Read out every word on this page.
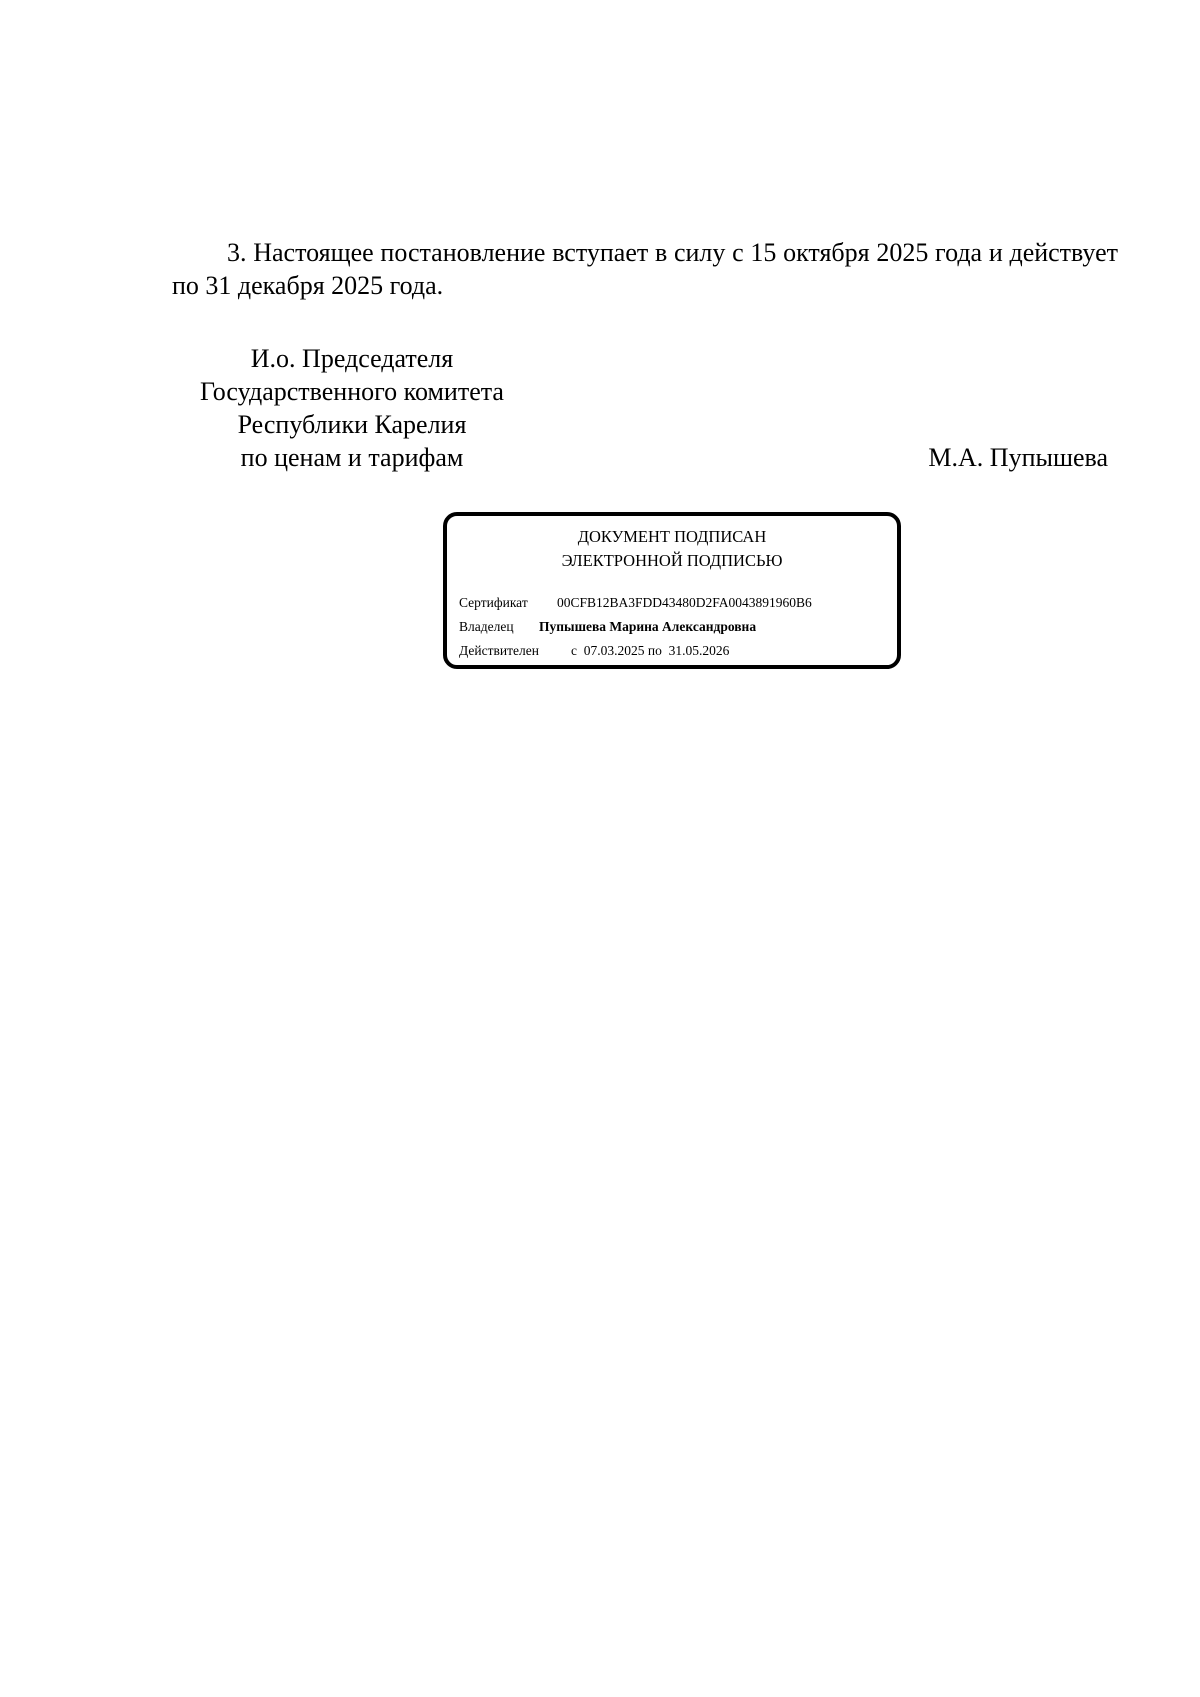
3. Настоящее постановление вступает в силу с 15 октября 2025 года и действует по 31 декабря 2025 года.

И.о. Председателя
Государственного комитета
Республики Карелия
по ценам и тарифам	М.А. Пупышева
ДОКУМЕНТ ПОДПИСАН
ЭЛЕКТРОННОЙ ПОДПИСЬЮ
Сертификат 00CFB12BA3FDD43480D2FA0043891960B6
Владелец Пупышева Марина Александровна
Действителен с  07.03.2025 по  31.05.2026
